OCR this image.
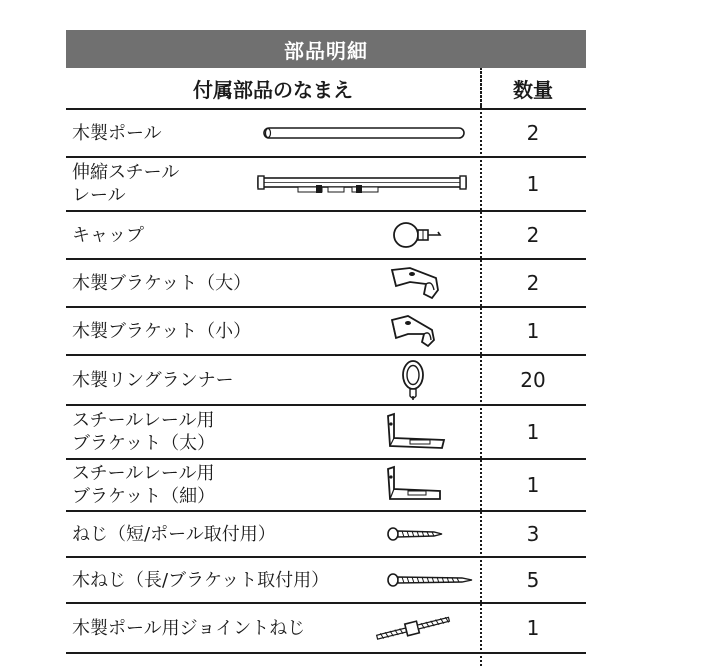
部品明細
付属部品のなまえ	数量
木製ポール	2
伸縮スチール
レール	1
キャップ	2
木製ブラケット（大）	2
木製ブラケット（小）	1
木製リングランナー	20
スチールレール用
ブラケット（太）	1
スチールレール用
ブラケット（細）	1
ねじ（短/ポール取付用）	3
木ねじ（長/ブラケット取付用）	5
木製ポール用ジョイントねじ	1
